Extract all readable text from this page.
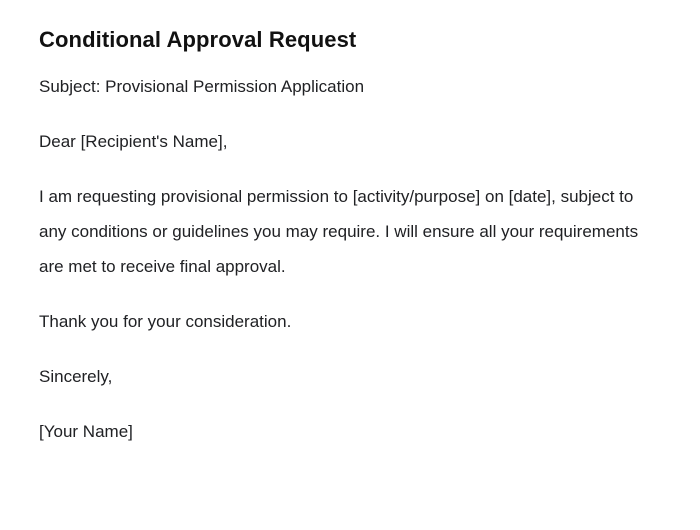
Conditional Approval Request

Subject: Provisional Permission Application

Dear [Recipient's Name],

I am requesting provisional permission to [activity/purpose] on [date], subject to any conditions or guidelines you may require. I will ensure all your requirements are met to receive final approval.

Thank you for your consideration.

Sincerely,

[Your Name]
